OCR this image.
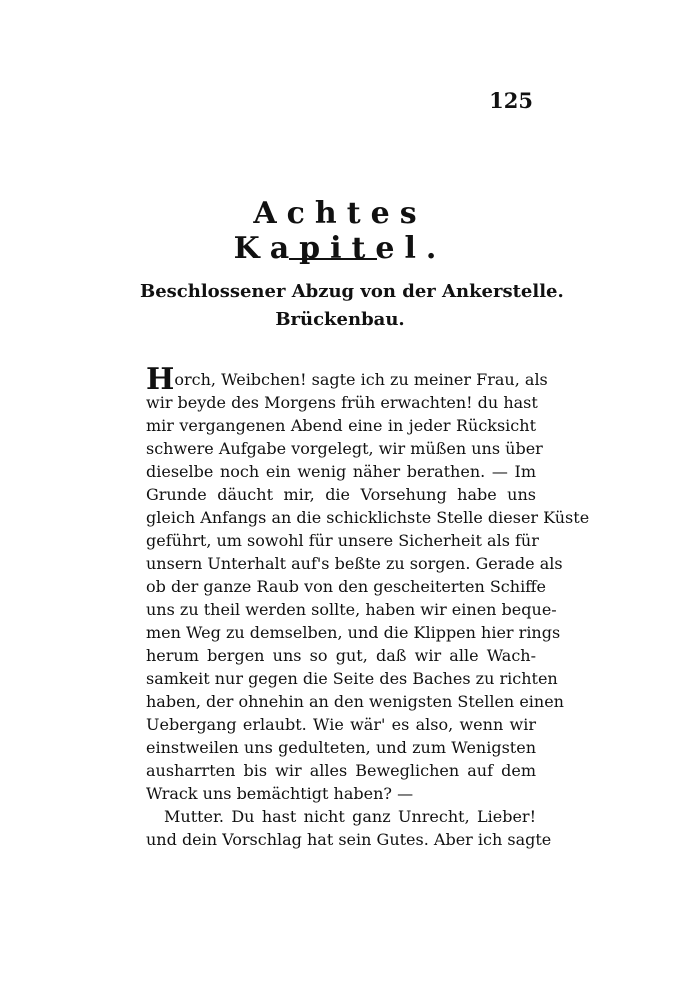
125
Achtes Kapitel.
Beschlossener Abzug von der Ankerstelle.
Brückenbau.
Horch, Weibchen! sagte ich zu meiner Frau, als
wir beyde des Morgens früh erwachten! du hast
mir vergangenen Abend eine in jeder Rücksicht
schwere Aufgabe vorgelegt, wir müßen uns über
dieselbe noch ein wenig näher berathen. — Im
Grunde däucht mir, die Vorsehung habe uns
gleich Anfangs an die schicklichste Stelle dieser Küste
geführt, um sowohl für unsere Sicherheit als für
unsern Unterhalt auf's beßte zu sorgen. Gerade als
ob der ganze Raub von den gescheiterten Schiffe
uns zu theil werden sollte, haben wir einen beque-
men Weg zu demselben, und die Klippen hier rings
herum bergen uns so gut, daß wir alle Wach-
samkeit nur gegen die Seite des Baches zu richten
haben, der ohnehin an den wenigsten Stellen einen
Uebergang erlaubt. Wie wär' es also, wenn wir
einstweilen uns gedulteten, und zum Wenigsten
ausharrten bis wir alles Beweglichen auf dem
Wrack uns bemächtigt haben? —
Mutter. Du hast nicht ganz Unrecht, Lieber!
und dein Vorschlag hat sein Gutes. Aber ich sagte
